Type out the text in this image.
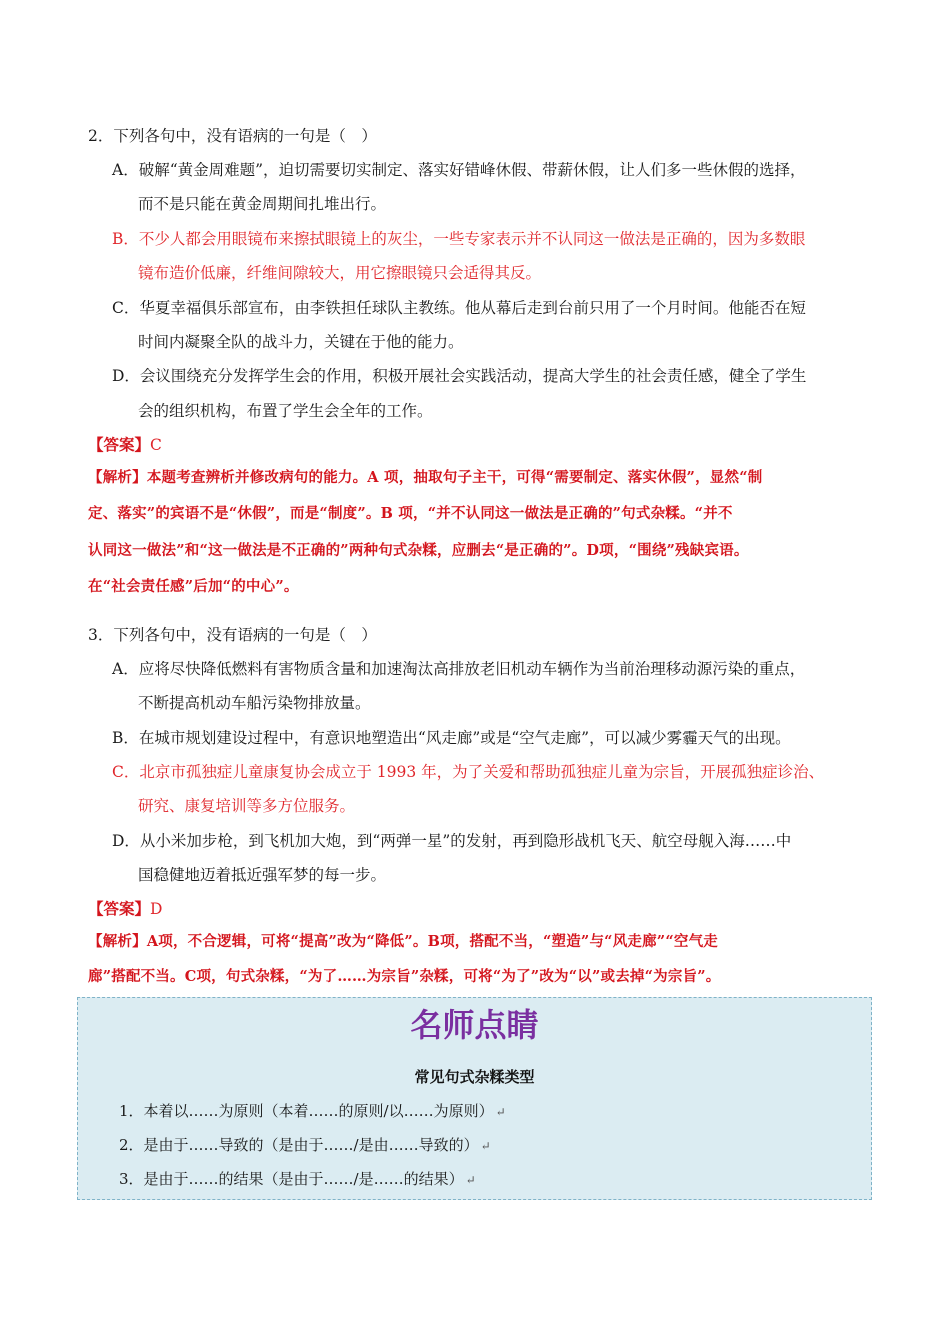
2．下列各句中，没有语病的一句是（　）
A．破解“黄金周难题”，迫切需要切实制定、落实好错峰休假、带薪休假，让人们多一些休假的选择，
而不是只能在黄金周期间扎堆出行。
B．不少人都会用眼镜布来擦拭眼镜上的灰尘，一些专家表示并不认同这一做法是正确的，因为多数眼
镜布造价低廉，纤维间隙较大，用它擦眼镜只会适得其反。
C．华夏幸福俱乐部宣布，由李铁担任球队主教练。他从幕后走到台前只用了一个月时间。他能否在短
时间内凝聚全队的战斗力，关键在于他的能力。
D．会议围绕充分发挥学生会的作用，积极开展社会实践活动，提高大学生的社会责任感，健全了学生
会的组织机构，布置了学生会全年的工作。
【答案】C
【解析】本题考查辨析并修改病句的能力。A 项，抽取句子主干，可得“需要制定、落实休假”，显然“制
定、落实”的宾语不是“休假”，而是“制度”。B 项，“并不认同这一做法是正确的”句式杂糅。“并不
认同这一做法”和“这一做法是不正确的”两种句式杂糅，应删去“是正确的”。D项，“围绕”残缺宾语。
在“社会责任感”后加“的中心”。
3．下列各句中，没有语病的一句是（　）
A．应将尽快降低燃料有害物质含量和加速淘汰高排放老旧机动车辆作为当前治理移动源污染的重点，
不断提高机动车船污染物排放量。
B．在城市规划建设过程中，有意识地塑造出“风走廊”或是“空气走廊”，可以减少雾霾天气的出现。
C．北京市孤独症儿童康复协会成立于 1993 年，为了关爱和帮助孤独症儿童为宗旨，开展孤独症诊治、
研究、康复培训等多方位服务。
D．从小米加步枪，到飞机加大炮，到“两弹一星”的发射，再到隐形战机飞天、航空母舰入海……中
国稳健地迈着抵近强军梦的每一步。
【答案】D
【解析】A项，不合逻辑，可将“提高”改为“降低”。B项，搭配不当，“塑造”与“风走廊”“空气走
廊”搭配不当。C项，句式杂糅，“为了……为宗旨”杂糅，可将“为了”改为“以”或去掉“为宗旨”。
名师点睛
常见句式杂糅类型
1．本着以……为原则（本着……的原则/以……为原则） ↵
2．是由于……导致的（是由于……/是由……导致的） ↵
3．是由于……的结果（是由于……/是……的结果） ↵
